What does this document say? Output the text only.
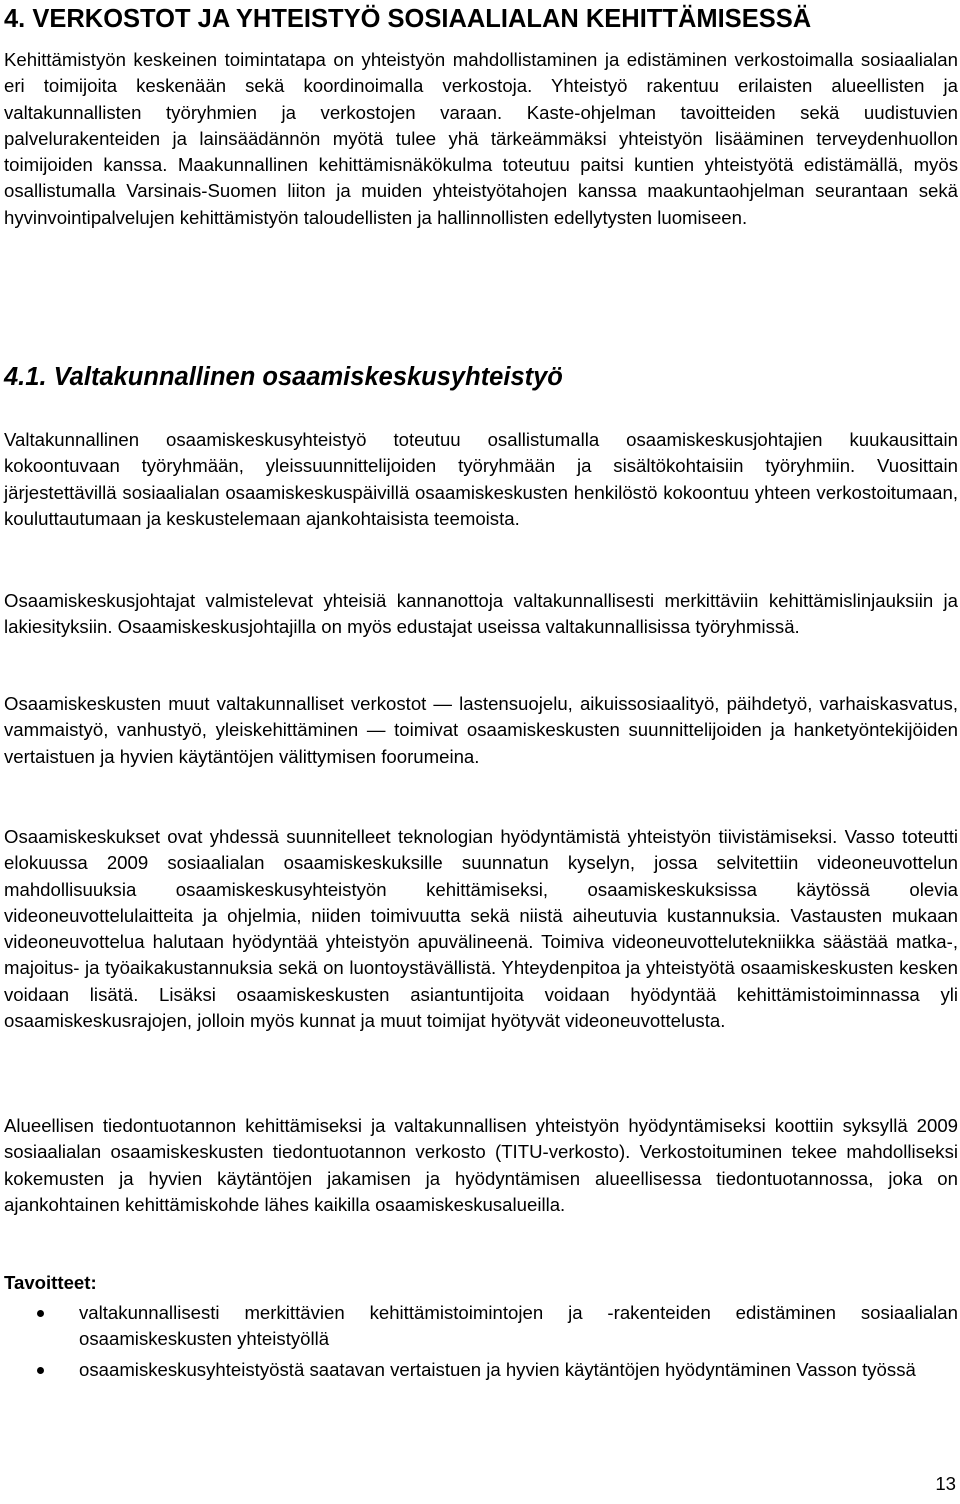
4. VERKOSTOT JA YHTEISTYÖ SOSIAALIALAN KEHITTÄMISESSÄ

Kehittämistyön keskeinen toimintatapa on yhteistyön mahdollistaminen ja edistäminen verkostoimalla sosiaalialan eri toimijoita keskenään sekä koordinoimalla verkostoja. Yhteistyö rakentuu erilaisten alueellisten ja valtakunnallisten työryhmien ja verkostojen varaan. Kaste-ohjelman tavoitteiden sekä uudistuvien palvelurakenteiden ja lainsäädännön myötä tulee yhä tärkeämmäksi yhteistyön lisääminen terveydenhuollon toimijoiden kanssa. Maakunnallinen kehittämisnäkökulma toteutuu paitsi kuntien yhteistyötä edistämällä, myös osallistumalla Varsinais-Suomen liiton ja muiden yhteistyötahojen kanssa maakuntaohjelman seurantaan sekä hyvinvointipalvelujen kehittämistyön taloudellisten ja hallinnollisten edellytysten luomiseen.

4.1. Valtakunnallinen osaamiskeskusyhteistyö

Valtakunnallinen osaamiskeskusyhteistyö toteutuu osallistumalla osaamiskeskusjohtajien kuukausittain kokoontuvaan työryhmään, yleissuunnittelijoiden työryhmään ja sisältökohtaisiin työryhmiin. Vuosittain järjestettävillä sosiaalialan osaamiskeskuspäivillä osaamiskeskusten henkilöstö kokoontuu yhteen verkostoitumaan, kouluttautumaan ja keskustelemaan ajankohtaisista teemoista.

Osaamiskeskusjohtajat valmistelevat yhteisiä kannanottoja valtakunnallisesti merkittäviin kehittämislinjauksiin ja lakiesityksiin. Osaamiskeskusjohtajilla on myös edustajat useissa valtakunnallisissa työryhmissä.

Osaamiskeskusten muut valtakunnalliset verkostot — lastensuojelu, aikuissosiaalityö, päihdetyö, varhaiskasvatus, vammaistyö, vanhustyö, yleiskehittäminen — toimivat osaamiskeskusten suunnittelijoiden ja hanketyöntekijöiden vertaistuen ja hyvien käytäntöjen välittymisen foorumeina.

Osaamiskeskukset ovat yhdessä suunnitelleet teknologian hyödyntämistä yhteistyön tiivistämiseksi. Vasso toteutti elokuussa 2009 sosiaalialan osaamiskeskuksille suunnatun kyselyn, jossa selvitettiin videoneuvottelun mahdollisuuksia osaamiskeskusyhteistyön kehittämiseksi, osaamiskeskuksissa käytössä olevia videoneuvottelulaitteita ja ohjelmia, niiden toimivuutta sekä niistä aiheutuvia kustannuksia. Vastausten mukaan videoneuvottelua halutaan hyödyntää yhteistyön apuvälineenä. Toimiva videoneuvottelutekniikka säästää matka-, majoitus- ja työaikakustannuksia sekä on luontoystävällistä. Yhteydenpitoa ja yhteistyötä osaamiskeskusten kesken voidaan lisätä. Lisäksi osaamiskeskusten asiantuntijoita voidaan hyödyntää kehittämistoiminnassa yli osaamiskeskusrajojen, jolloin myös kunnat ja muut toimijat hyötyvät videoneuvottelusta.

Alueellisen tiedontuotannon kehittämiseksi ja valtakunnallisen yhteistyön hyödyntämiseksi koottiin syksyllä 2009 sosiaalialan osaamiskeskusten tiedontuotannon verkosto (TITU-verkosto). Verkostoituminen tekee mahdolliseksi kokemusten ja hyvien käytäntöjen jakamisen ja hyödyntämisen alueellisessa tiedontuotannossa, joka on ajankohtainen kehittämiskohde lähes kaikilla osaamiskeskusalueilla.

Tavoitteet:

valtakunnallisesti merkittävien kehittämistoimintojen ja -rakenteiden edistäminen sosiaalialan osaamiskeskusten yhteistyöllä
osaamiskeskusyhteistyöstä saatavan vertaistuen ja hyvien käytäntöjen hyödyntäminen Vasson työssä
13
